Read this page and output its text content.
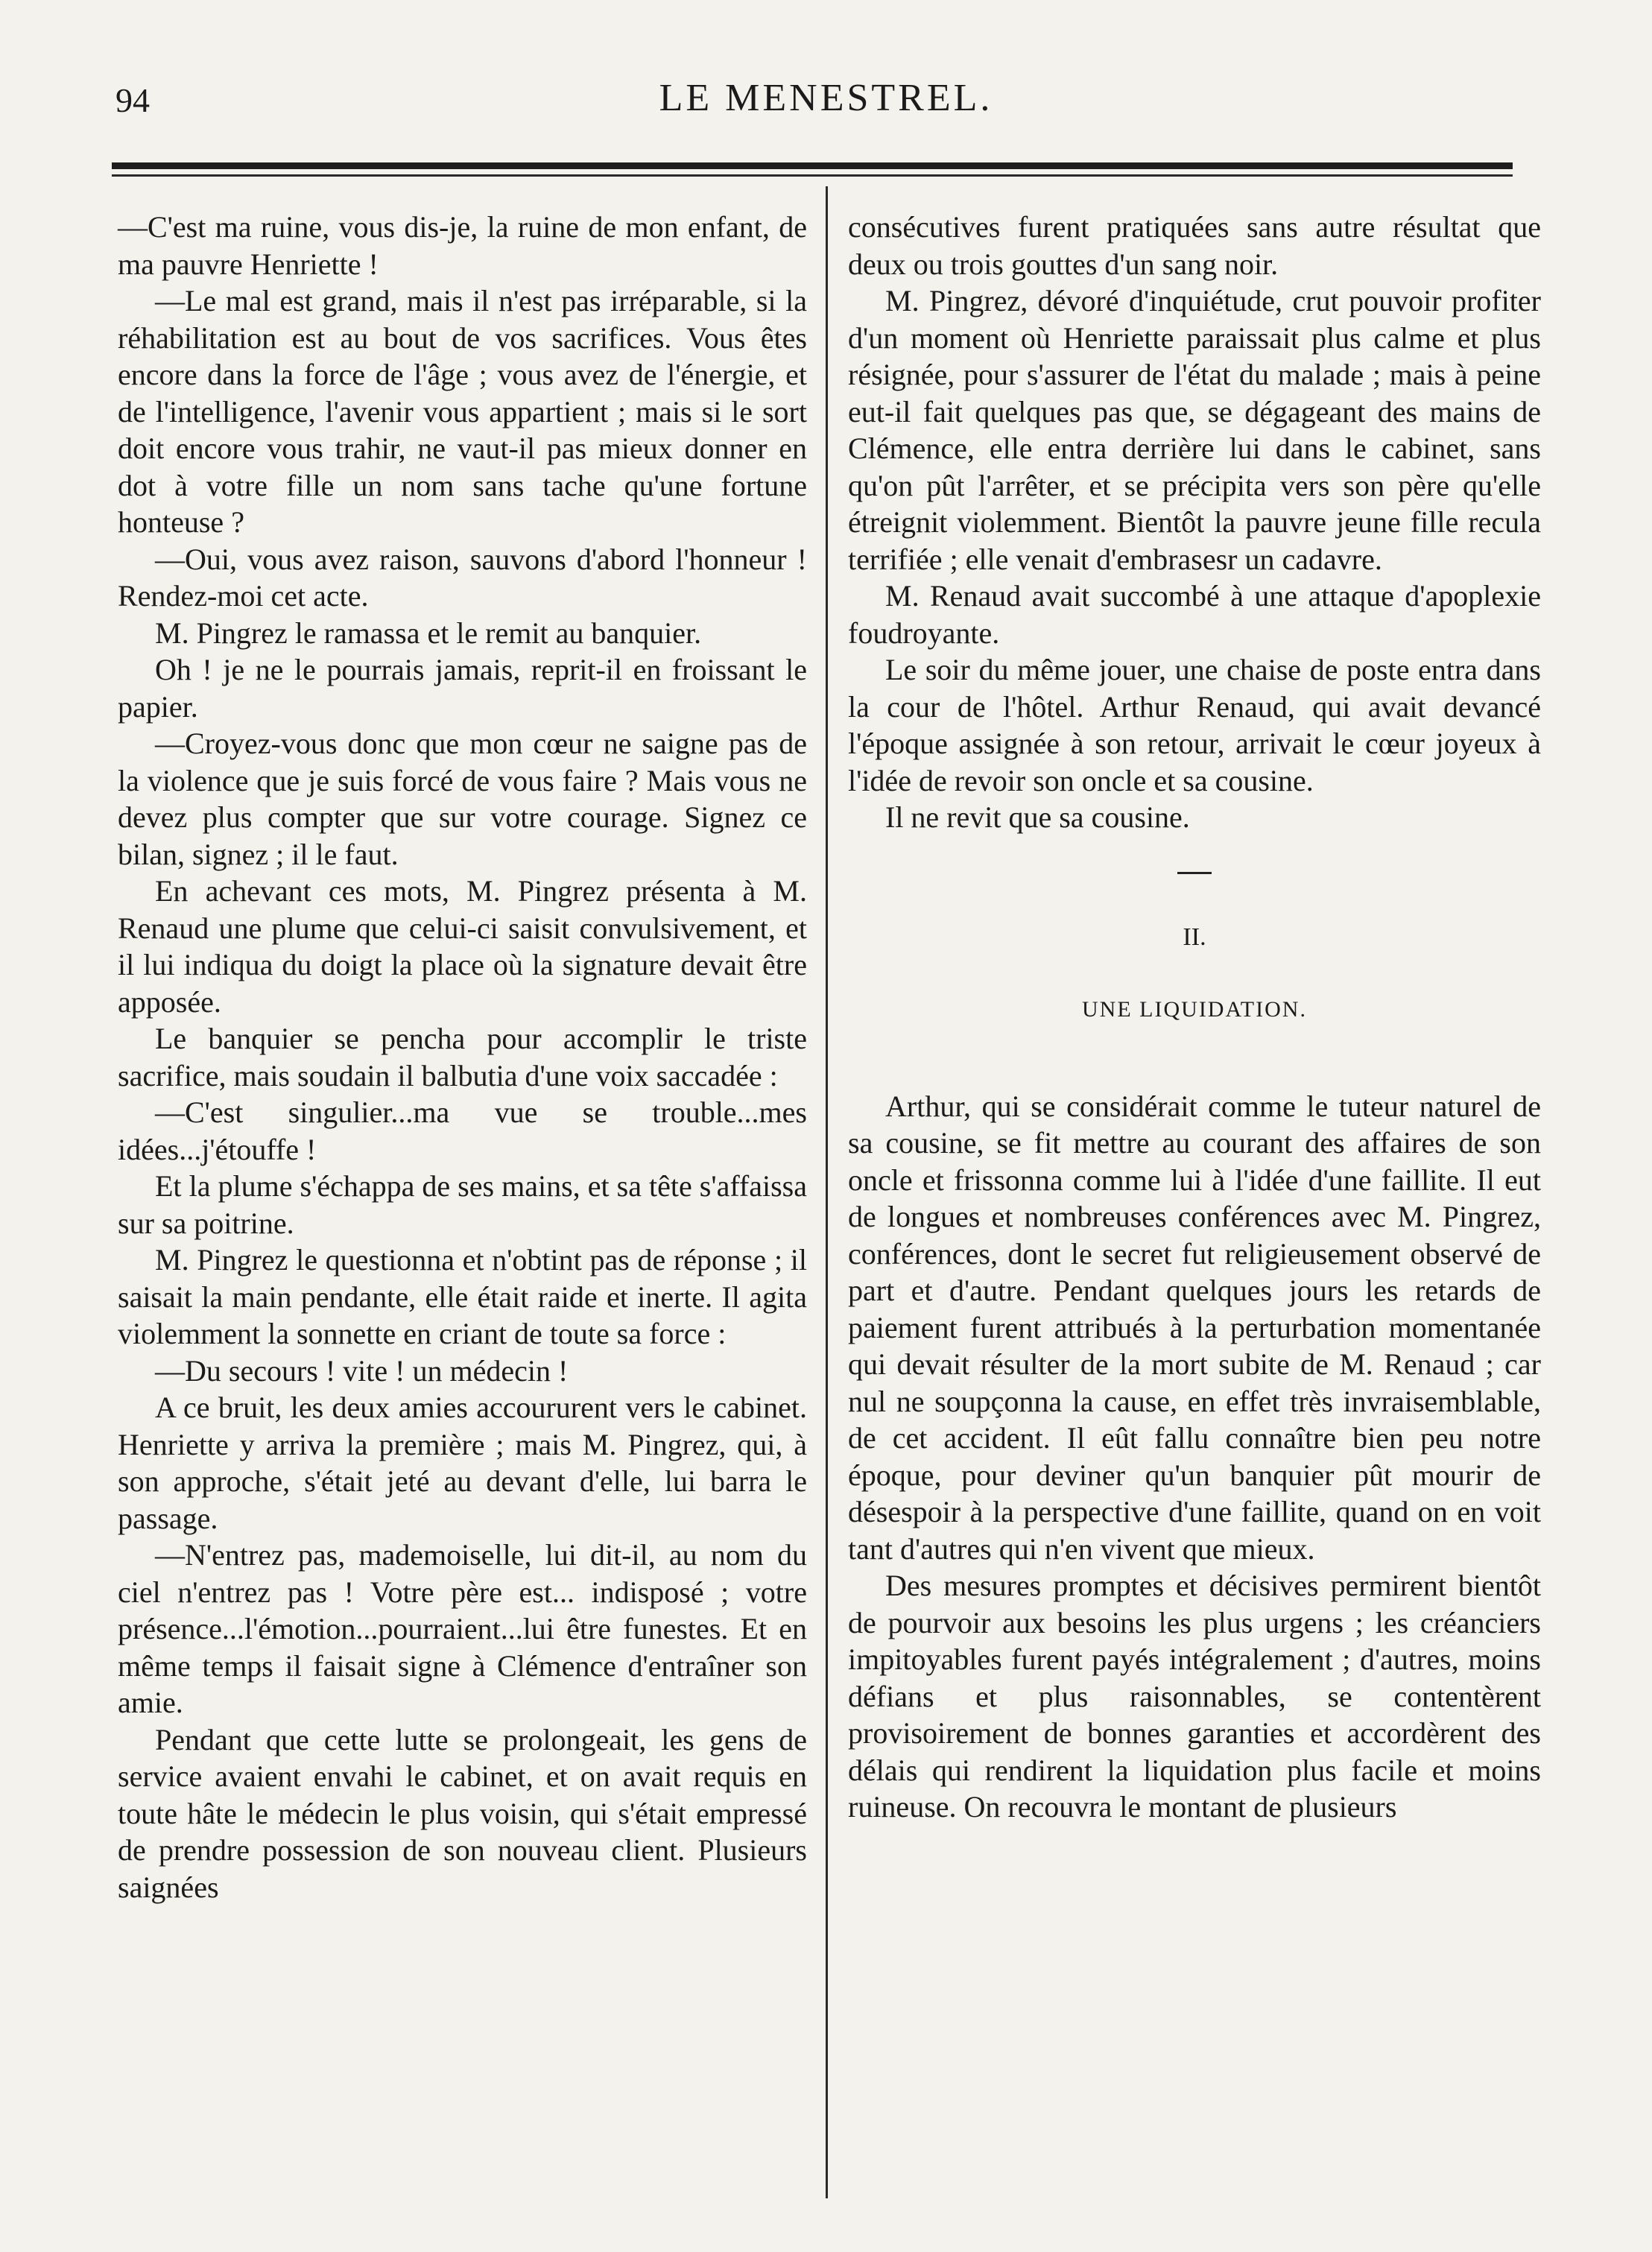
94	LE MENESTREL.

—C'est ma ruine, vous dis-je, la ruine de mon enfant, de ma pauvre Henriette !

—Le mal est grand, mais il n'est pas irréparable, si la réhabilitation est au bout de vos sacrifices. Vous êtes encore dans la force de l'âge ; vous avez de l'énergie, et de l'intelligence, l'avenir vous appartient ; mais si le sort doit encore vous trahir, ne vaut-il pas mieux donner en dot à votre fille un nom sans tache qu'une fortune honteuse ?

—Oui, vous avez raison, sauvons d'abord l'honneur ! Rendez-moi cet acte.

M. Pingrez le ramassa et le remit au banquier.

Oh ! je ne le pourrais jamais, reprit-il en froissant le papier.

—Croyez-vous donc que mon cœur ne saigne pas de la violence que je suis forcé de vous faire ? Mais vous ne devez plus compter que sur votre courage. Signez ce bilan, signez ; il le faut.

En achevant ces mots, M. Pingrez présenta à M. Renaud une plume que celui-ci saisit convulsivement, et il lui indiqua du doigt la place où la signature devait être apposée.

Le banquier se pencha pour accomplir le triste sacrifice, mais soudain il balbutia d'une voix saccadée :

—C'est singulier...ma vue se trouble...mes idées...j'étouffe !

Et la plume s'échappa de ses mains, et sa tête s'affaissa sur sa poitrine.

M. Pingrez le questionna et n'obtint pas de réponse ; il saisait la main pendante, elle était raide et inerte. Il agita violemment la sonnette en criant de toute sa force :

—Du secours ! vite ! un médecin !

A ce bruit, les deux amies accoururent vers le cabinet. Henriette y arriva la première ; mais M. Pingrez, qui, à son approche, s'était jeté au devant d'elle, lui barra le passage.

—N'entrez pas, mademoiselle, lui dit-il, au nom du ciel n'entrez pas ! Votre père est... indisposé ; votre présence...l'émotion...pourraient...lui être funestes. Et en même temps il faisait signe à Clémence d'entraîner son amie.

Pendant que cette lutte se prolongeait, les gens de service avaient envahi le cabinet, et on avait requis en toute hâte le médecin le plus voisin, qui s'était empressé de prendre possession de son nouveau client. Plusieurs saignées

consécutives furent pratiquées sans autre résultat que deux ou trois gouttes d'un sang noir.

M. Pingrez, dévoré d'inquiétude, crut pouvoir profiter d'un moment où Henriette paraissait plus calme et plus résignée, pour s'assurer de l'état du malade ; mais à peine eut-il fait quelques pas que, se dégageant des mains de Clémence, elle entra derrière lui dans le cabinet, sans qu'on pût l'arrêter, et se précipita vers son père qu'elle étreignit violemment. Bientôt la pauvre jeune fille recula terrifiée ; elle venait d'embrasesr un cadavre.

M. Renaud avait succombé à une attaque d'apoplexie foudroyante.

Le soir du même jouer, une chaise de poste entra dans la cour de l'hôtel. Arthur Renaud, qui avait devancé l'époque assignée à son retour, arrivait le cœur joyeux à l'idée de revoir son oncle et sa cousine.

Il ne revit que sa cousine.

II.
UNE LIQUIDATION.

Arthur, qui se considérait comme le tuteur naturel de sa cousine, se fit mettre au courant des affaires de son oncle et frissonna comme lui à l'idée d'une faillite. Il eut de longues et nombreuses conférences avec M. Pingrez, conférences, dont le secret fut religieusement observé de part et d'autre. Pendant quelques jours les retards de paiement furent attribués à la perturbation momentanée qui devait résulter de la mort subite de M. Renaud ; car nul ne soupçonna la cause, en effet très invraisemblable, de cet accident. Il eût fallu connaître bien peu notre époque, pour deviner qu'un banquier pût mourir de désespoir à la perspective d'une faillite, quand on en voit tant d'autres qui n'en vivent que mieux.

Des mesures promptes et décisives permirent bientôt de pourvoir aux besoins les plus urgens ; les créanciers impitoyables furent payés intégralement ; d'autres, moins défians et plus raisonnables, se contentèrent provisoirement de bonnes garanties et accordèrent des délais qui rendirent la liquidation plus facile et moins ruineuse. On recouvra le montant de plusieurs
